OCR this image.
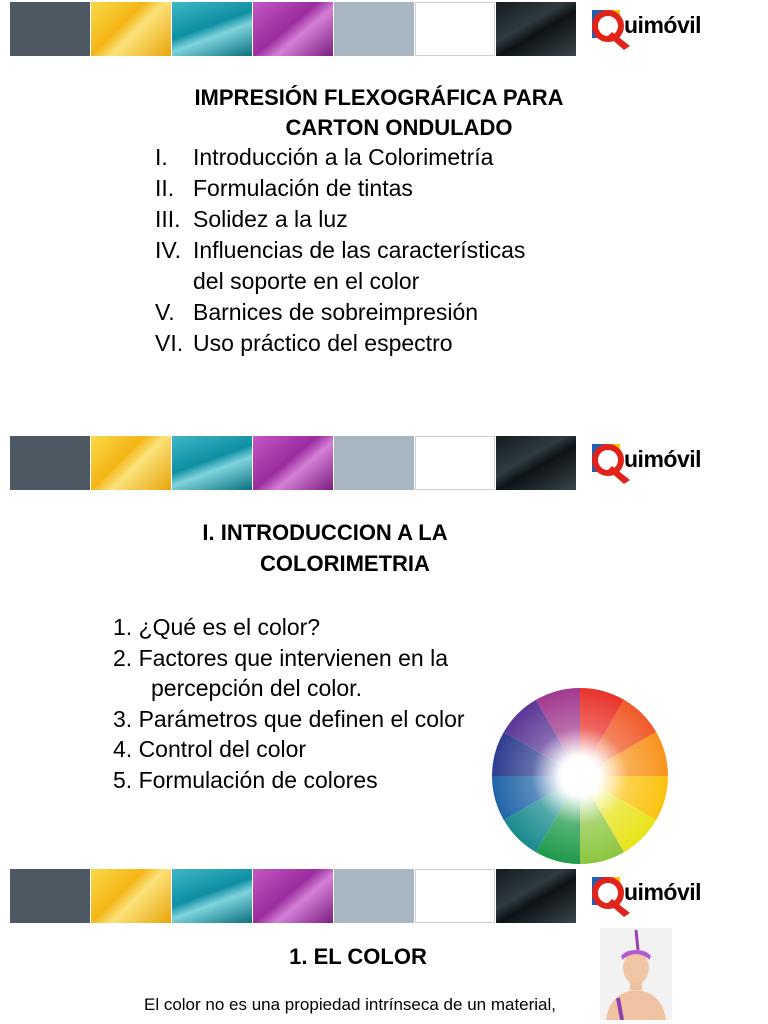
uimóvil
IMPRESIÓN FLEXOGRÁFICA PARA
CARTON ONDULADO
I.	Introducción a la Colorimetría
II. Formulación de tintas
III. Solidez a la luz
IV. Influencias de las características
del soporte en el color
V. Barnices de sobreimpresión
VI. Uso práctico del espectro
uimóvil
I. INTRODUCCION A LA
COLORIMETRIA
1. ¿Qué es el color?
2. Factores que intervienen en la
percepción del color.
3. Parámetros que definen el color
4. Control del color
5. Formulación de colores
uimóvil
1. EL COLOR
El color no es una propiedad intrínseca de un material,
